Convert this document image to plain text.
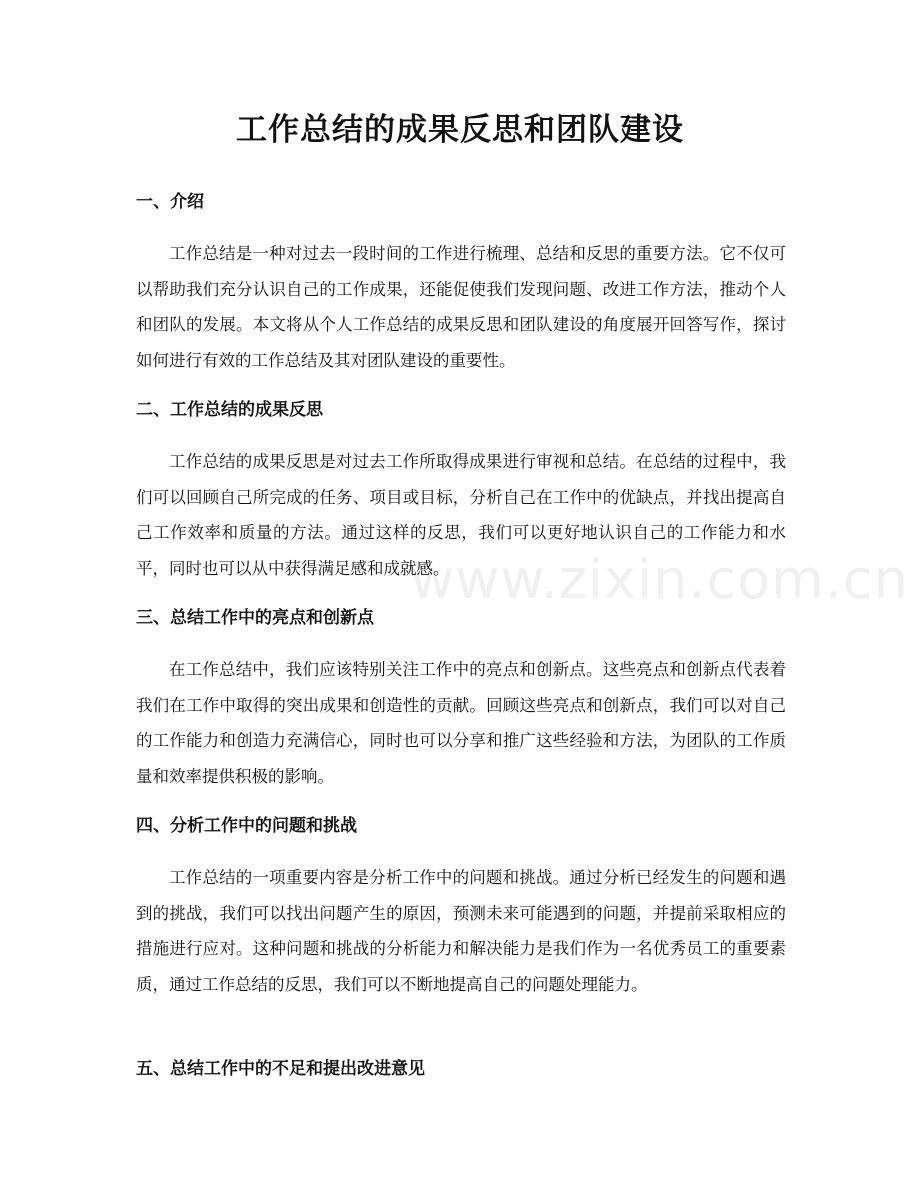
工作总结的成果反思和团队建设
www.zixin.com.cn
一、介绍

工作总结是一种对过去一段时间的工作进行梳理、总结和反思的重要方法。它不仅可以帮助我们充分认识自己的工作成果，还能促使我们发现问题、改进工作方法，推动个人和团队的发展。本文将从个人工作总结的成果反思和团队建设的角度展开回答写作，探讨如何进行有效的工作总结及其对团队建设的重要性。

二、工作总结的成果反思

工作总结的成果反思是对过去工作所取得成果进行审视和总结。在总结的过程中，我们可以回顾自己所完成的任务、项目或目标，分析自己在工作中的优缺点，并找出提高自己工作效率和质量的方法。通过这样的反思，我们可以更好地认识自己的工作能力和水平，同时也可以从中获得满足感和成就感。

三、总结工作中的亮点和创新点

在工作总结中，我们应该特别关注工作中的亮点和创新点。这些亮点和创新点代表着我们在工作中取得的突出成果和创造性的贡献。回顾这些亮点和创新点，我们可以对自己的工作能力和创造力充满信心，同时也可以分享和推广这些经验和方法，为团队的工作质量和效率提供积极的影响。

四、分析工作中的问题和挑战

工作总结的一项重要内容是分析工作中的问题和挑战。通过分析已经发生的问题和遇到的挑战，我们可以找出问题产生的原因，预测未来可能遇到的问题，并提前采取相应的措施进行应对。这种问题和挑战的分析能力和解决能力是我们作为一名优秀员工的重要素质，通过工作总结的反思，我们可以不断地提高自己的问题处理能力。

五、总结工作中的不足和提出改进意见
